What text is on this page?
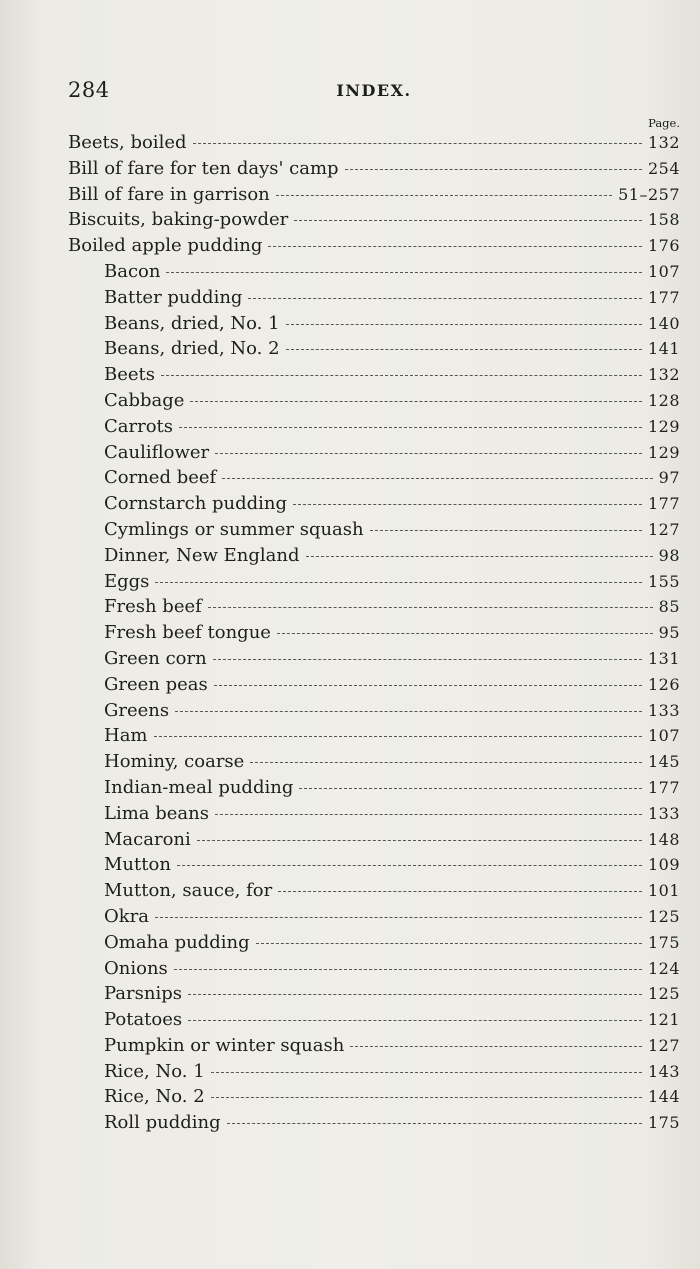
284	INDEX.
Page.
Beets, boiled	132
Bill of fare for ten days' camp	254
Bill of fare in garrison	51–257
Biscuits, baking-powder	158
Boiled apple pudding	176
Bacon	107
Batter pudding	177
Beans, dried, No. 1	140
Beans, dried, No. 2	141
Beets	132
Cabbage	128
Carrots	129
Cauliflower	129
Corned beef	97
Cornstarch pudding	177
Cymlings or summer squash	127
Dinner, New England	98
Eggs	155
Fresh beef	85
Fresh beef tongue	95
Green corn	131
Green peas	126
Greens	133
Ham	107
Hominy, coarse	145
Indian-meal pudding	177
Lima beans	133
Macaroni	148
Mutton	109
Mutton, sauce, for	101
Okra	125
Omaha pudding	175
Onions	124
Parsnips	125
Potatoes	121
Pumpkin or winter squash	127
Rice, No. 1	143
Rice, No. 2	144
Roll pudding	175
